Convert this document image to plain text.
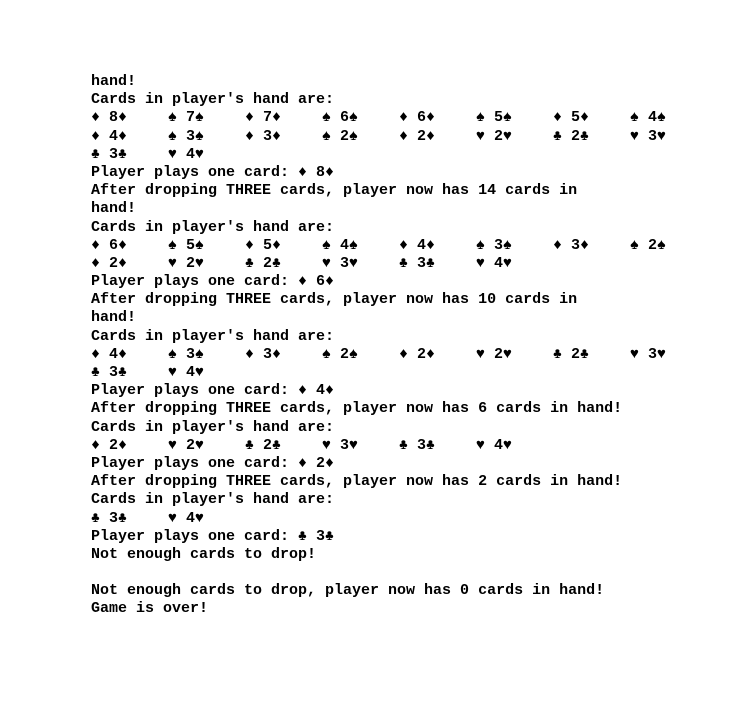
hand!
Cards in player's hand are:
♦ 8♦	♠ 7♠	♦ 7♦	♠ 6♠	♦ 6♦	♠ 5♠	♦ 5♦	♠ 4♠
♦ 4♦	♠ 3♠	♦ 3♦	♠ 2♠	♦ 2♦	♥ 2♥	♣ 2♣	♥ 3♥
♣ 3♣	♥ 4♥
Player plays one card: ♦ 8♦
After dropping THREE cards, player now has 14 cards in
hand!
Cards in player's hand are:
♦ 6♦	♠ 5♠	♦ 5♦	♠ 4♠	♦ 4♦	♠ 3♠	♦ 3♦	♠ 2♠
♦ 2♦	♥ 2♥	♣ 2♣	♥ 3♥	♣ 3♣	♥ 4♥
Player plays one card: ♦ 6♦
After dropping THREE cards, player now has 10 cards in
hand!
Cards in player's hand are:
♦ 4♦	♠ 3♠	♦ 3♦	♠ 2♠	♦ 2♦	♥ 2♥	♣ 2♣	♥ 3♥
♣ 3♣	♥ 4♥
Player plays one card: ♦ 4♦
After dropping THREE cards, player now has 6 cards in hand!
Cards in player's hand are:
♦ 2♦	♥ 2♥	♣ 2♣	♥ 3♥	♣ 3♣	♥ 4♥
Player plays one card: ♦ 2♦
After dropping THREE cards, player now has 2 cards in hand!
Cards in player's hand are:
♣ 3♣	♥ 4♥
Player plays one card: ♣ 3♣
Not enough cards to drop!
Not enough cards to drop, player now has 0 cards in hand!
Game is over!
